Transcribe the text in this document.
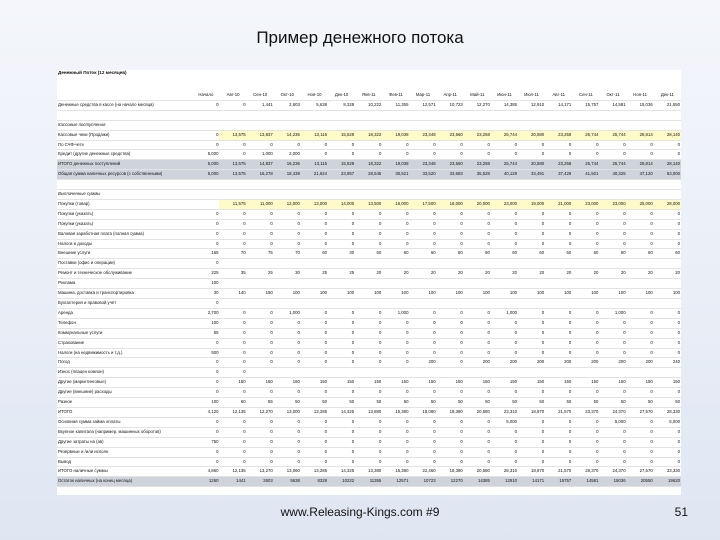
Пример денежного потока
Денежный Поток (12 месяцев)
	Начало	Авг-10	Сен-10	Окт-10	Ноя-10	Дек-10	Янв-11	Фев-11	Мар-11	Апр-11	Май-11	Июн-11	Июл-11	Авг-11	Сен-11	Окт-11	Ноя-11	Дек-11
Денежные средства в кассе (на начало месяца)	0	0	1,441	2,603	5,638	8,328	10,222	11,355	12,571	10,723	12,270	14,385	12,910	14,171	15,757	14,581	15,036	21,550

Кассовые поступления																		
Кассовые чеки (Продажи)	0	13,575	13,837	14,236	13,115	15,528	18,322	19,038	23,348	23,560	23,258	25,744	20,580	23,258	25,744	25,744	28,814	28,140
По СЧФ-чете	0	0	0	0	0	0	0	0	0	0	0	0	0	0	0	0	0	0
Кредит (другие денежные средства)	5,000	0	1,000	2,000	0	0	0	0	0	0	0	0	0	0	0	0	0	0
ИТОГО денежных поступлений	5,000	13,575	14,837	16,236	13,115	15,528	18,322	19,038	23,348	23,560	23,258	25,744	20,580	23,258	25,744	25,744	28,814	28,140
Общая сумма наличных ресурсов (с собственными)	5,000	13,575	16,278	18,439	21,624	23,857	28,545	30,521	33,520	33,683	35,528	40,129	33,491	37,429	41,501	40,325	47,120	53,000

Выплаченные суммы																		
Покупки (товар)		11,575	11,000	12,000	13,000	14,000	13,500	16,000	17,500	18,000	20,000	23,000	19,000	21,000	23,000	23,000	25,000	28,000
Покупки (указать)	0	0	0	0	0	0	0	0	0	0	0	0	0	0	0	0	0	0
Покупки (указать)	0	0	0	0	0	0	0	0	0	0	0	0	0	0	0	0	0	0
Валовая заработная плата (полная сумма)	0	0	0	0	0	0	0	0	0	0	0	0	0	0	0	0	0	0
Налоги и доходы	0	0	0	0	0	0	0	0	0	0	0	0	0	0	0	0	0	0
Внешние услуги	165	70	75	70	60	30	60	60	60	60	60	60	60	60	60	60	60	60
Поставки (офис и операции)	0																	
Ремонт и техническое обслуживание	225	35	25	30	25	25	20	20	20	20	20	20	20	20	20	20	20	20
Реклама	100																	
Машина, доставка и транспортировка	30	140	150	100	100	100	100	100	100	100	100	100	100	100	100	100	100	100
Бухгалтерия и правовой учёт	0																	
Аренда	2,700	0	0	1,000	0	0	0	1,000	0	0	0	1,000	0	0	0	1,000	0	0
Телефон	100	0	0	0	0	0	0	0	0	0	0	0	0	0	0	0	0	0
Коммунальные услуги	55	0	0	0	0	0	0	0	0	0	0	0	0	0	0	0	0	0
Страхование	0	0	0	0	0	0	0	0	0	0	0	0	0	0	0	0	0	0
Налоги (на недвижимость и т.д.)	500	0	0	0	0	0	0	0	0	0	0	0	0	0	0	0	0	0
Погод	0	0	0	0	0	0	0	0	200	0	200	200	200	200	200	200	200	240
Износ (плацен компон)	0	0																
Другие (маркетинговые)	0	150	150	150	150	150	150	150	150	150	150	150	150	150	150	150	150	150
Другие (внешние) расходы	0	0	0	0	0	0	0	0	0	0	0	0	0	0	0	0	0	0
Разное	100	60	55	50	50	50	50	50	50	50	50	50	50	50	50	50	50	50
ИТОГО	4,120	12,135	12,270	13,000	13,285	14,325	13,880	15,380	18,080	18,380	20,580	23,310	18,870	21,570	23,370	24,370	27,570	28,330
Основная сумма займа оплаты	0	0	0	0	0	0	0	0	0	0	0	5,000	0	0	0	5,000	0	5,000
Вкупное капитала (например, машинных оборотов)	0	0	0	0	0	0	0	0	0	0	0	0	0	0	0	0	0	0
Другие затраты на (ав)	750	0	0	0	0	0	0	0	0	0	0	0	0	0	0	0	0	0
Резервные и /или исполн	0	0	0	0	0	0	0	0	0	0	0	0	0	0	0	0	0	0
Вывод	0	0	0	0	0	0	0	0	0	0	0	0	0	0	0	0	0	0
ИТОГО наличные суммы	4,860	12,135	13,270	13,060	13,285	14,325	13,380	15,380	22,460	18,380	20,580	28,310	18,870	21,570	28,370	24,370	27,570	33,330
Остаток наличных (на конец месяца)	1260	1441	2603	5638	8328	10222	11355	12571	10723	12270	14385	12910	14171	15757	14581	15036	20550	19620
www.Releasing-Kings.com #9	51
